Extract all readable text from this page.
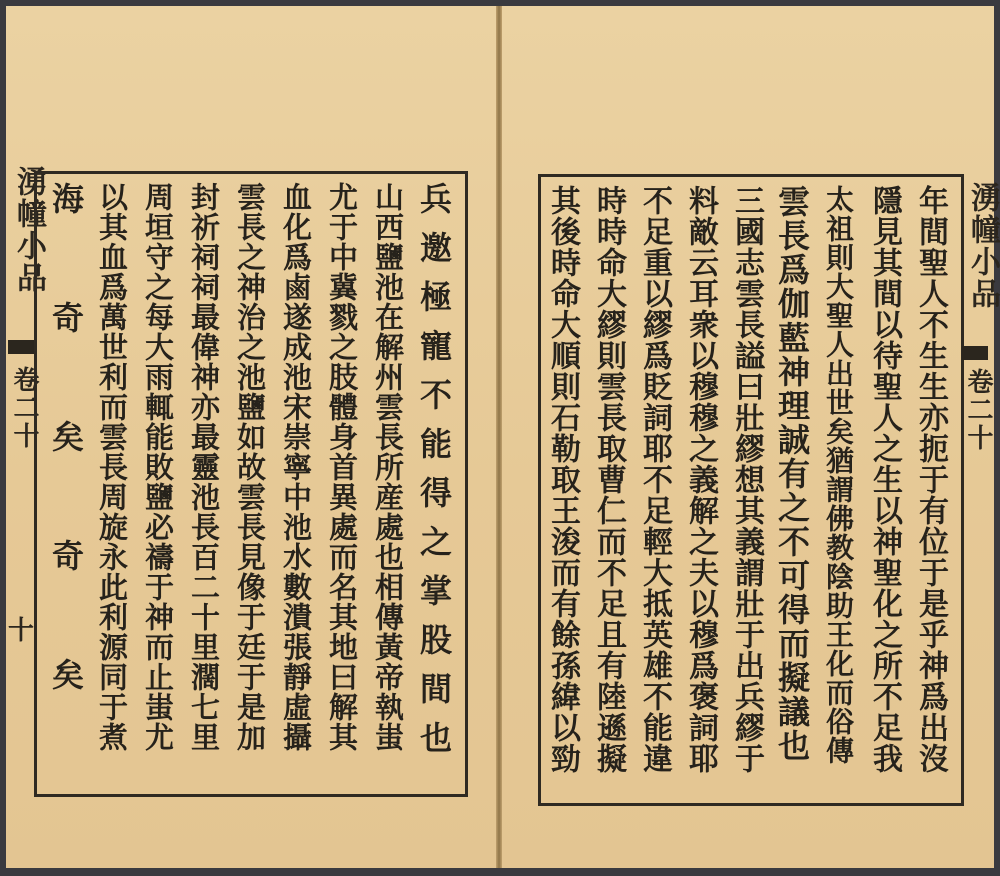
湧幢小品
卷二十
十	兵邀極寵不能得之掌股間也
山西鹽池在解州雲長所産處也相傳黃帝執蚩
尤于中冀戮之肢體身首異處而名其地曰解其
血化爲鹵遂成池宋崇寧中池水數潰張靜虛攝
雲長之神治之池鹽如故雲長見像于廷于是加
封祈祠祠最偉神亦最靈池長百二十里濶七里
周垣守之每大雨輒能敗鹽必禱于神而止蚩尤
以其血爲萬世利而雲長周旋永此利源同于煮
海奇矣奇矣	年間聖人不生生亦扼于有位于是乎神爲出沒
隱見其間以待聖人之生以神聖化之所不足我
太祖則大聖人出世矣猶謂佛教陰助王化而俗傳
雲長爲伽藍神理誠有之不可得而擬議也
三國志雲長謚曰壯繆想其義謂壯于出兵繆于
料敵云耳衆以穆穆之義解之夫以穆爲褒詞耶
不足重以繆爲貶詞耶不足輕大抵英雄不能違
時時命大繆則雲長取曹仁而不足且有陸遜擬
其後時命大順則石勒取王浚而有餘孫緯以勁	湧幢小品
卷二十
